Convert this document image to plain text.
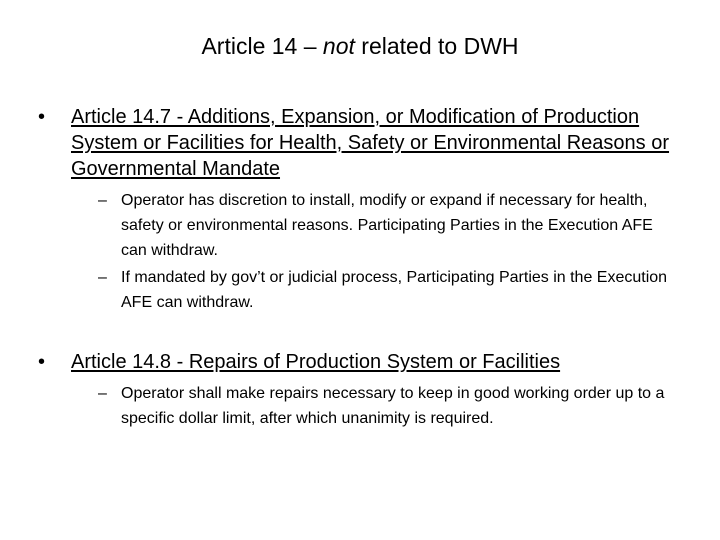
Article 14 – not related to DWH
•	Article 14.7 - Additions, Expansion, or Modification of Production System or Facilities for Health, Safety or Environmental Reasons or Governmental Mandate
– Operator has discretion to install, modify or expand if necessary for health, safety or environmental reasons. Participating Parties in the Execution AFE can withdraw.
– If mandated by gov’t or judicial process, Participating Parties in the Execution AFE can withdraw.
•	Article 14.8 - Repairs of Production System or Facilities
– Operator shall make repairs necessary to keep in good working order up to a specific dollar limit, after which unanimity is required.
